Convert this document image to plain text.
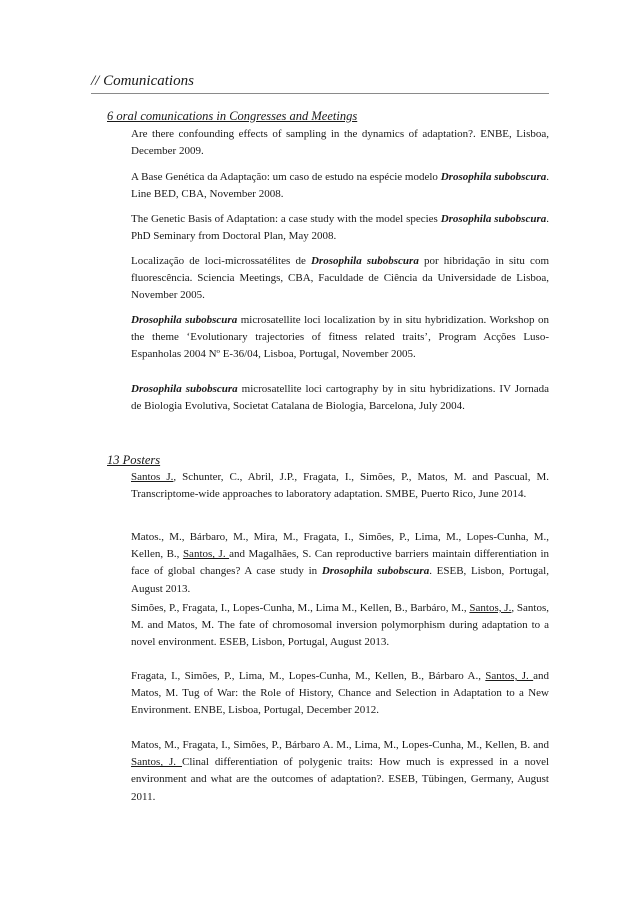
// Comunications
6 oral comunications in Congresses and Meetings
Are there confounding effects of sampling in the dynamics of adaptation?. ENBE, Lisboa, December 2009.
A Base Genética da Adaptação: um caso de estudo na espécie modelo Drosophila subobscura. Line BED, CBA, November 2008.
The Genetic Basis of Adaptation: a case study with the model species Drosophila subobscura. PhD Seminary from Doctoral Plan, May 2008.
Localização de loci-microssatélites de Drosophila subobscura por hibridação in situ com fluorescência. Sciencia Meetings, CBA, Faculdade de Ciência da Universidade de Lisboa, November 2005.
Drosophila subobscura microsatellite loci localization by in situ hybridization. Workshop on the theme ‘Evolutionary trajectories of fitness related traits’, Program Acções Luso-Espanholas 2004 Nº E-36/04, Lisboa, Portugal, November 2005.
Drosophila subobscura microsatellite loci cartography by in situ hybridizations. IV Jornada de Biologia Evolutiva, Societat Catalana de Biologia, Barcelona, July 2004.
13 Posters
Santos J., Schunter, C., Abril, J.P., Fragata, I., Simões, P., Matos, M. and Pascual, M. Transcriptome-wide approaches to laboratory adaptation. SMBE, Puerto Rico, June 2014.
Matos., M., Bárbaro, M., Mira, M., Fragata, I., Simões, P., Lima, M., Lopes-Cunha, M., Kellen, B., Santos, J. and Magalhães, S. Can reproductive barriers maintain differentiation in face of global changes? A case study in Drosophila subobscura. ESEB, Lisbon, Portugal, August 2013.
Simões, P., Fragata, I., Lopes-Cunha, M., Lima M., Kellen, B., Barbáro, M., Santos, J., Santos, M. and Matos, M. The fate of chromosomal inversion polymorphism during adaptation to a novel environment. ESEB, Lisbon, Portugal, August 2013.
Fragata, I., Simões, P., Lima, M., Lopes-Cunha, M., Kellen, B., Bárbaro A., Santos, J. and Matos, M. Tug of War: the Role of History, Chance and Selection in Adaptation to a New Environment. ENBE, Lisboa, Portugal, December 2012.
Matos, M., Fragata, I., Simões, P., Bárbaro A. M., Lima, M., Lopes-Cunha, M., Kellen, B. and Santos, J. Clinal differentiation of polygenic traits: How much is expressed in a novel environment and what are the outcomes of adaptation?. ESEB, Tübingen, Germany, August 2011.
